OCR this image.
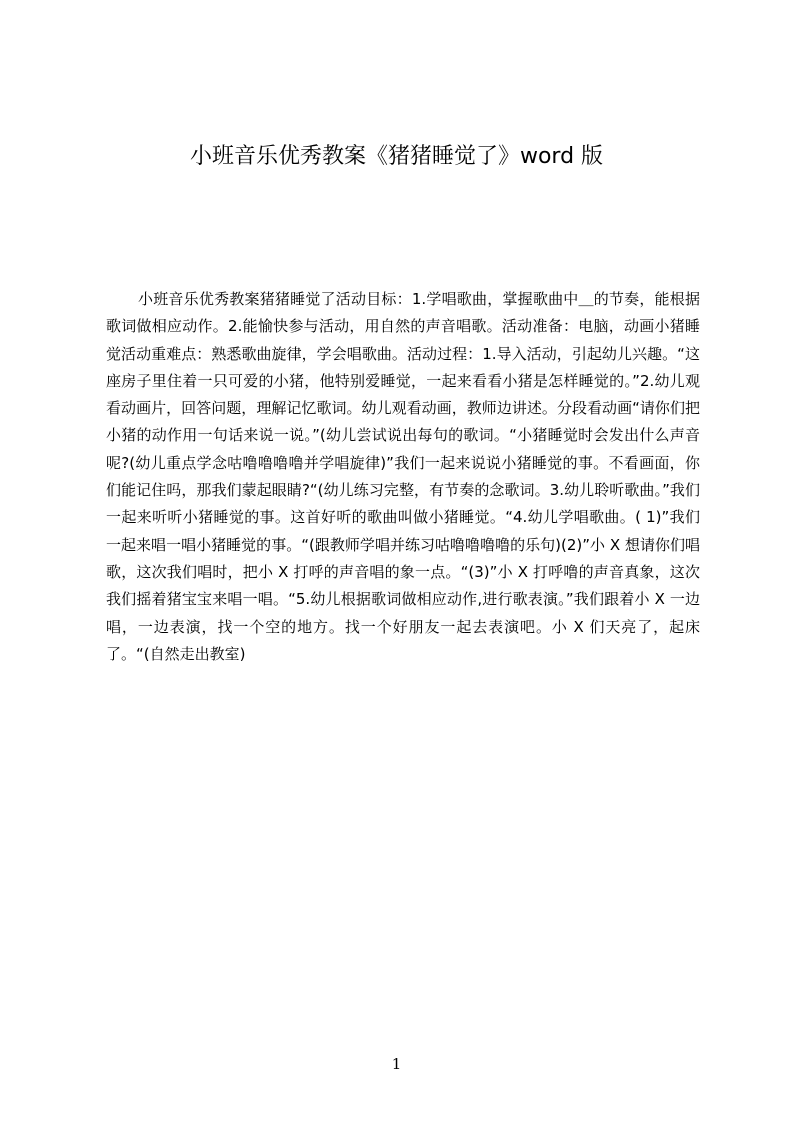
小班音乐优秀教案《猪猪睡觉了》word 版

小班音乐优秀教案猪猪睡觉了活动目标：1.学唱歌曲，掌握歌曲中＿的节奏，能根据歌词做相应动作。2.能愉快参与活动，用自然的声音唱歌。活动准备：电脑，动画小猪睡觉活动重难点：熟悉歌曲旋律，学会唱歌曲。活动过程：1.导入活动，引起幼儿兴趣。“这座房子里住着一只可爱的小猪，他特别爱睡觉，一起来看看小猪是怎样睡觉的。”2.幼儿观看动画片，回答问题，理解记忆歌词。幼儿观看动画，教师边讲述。分段看动画“请你们把小猪的动作用一句话来说一说。”(幼儿尝试说出每句的歌词。“小猪睡觉时会发出什么声音呢?(幼儿重点学念咕噜噜噜噜并学唱旋律)”我们一起来说说小猪睡觉的事。不看画面，你们能记住吗，那我们蒙起眼睛?“(幼儿练习完整，有节奏的念歌词。3.幼儿聆听歌曲。”我们一起来听听小猪睡觉的事。这首好听的歌曲叫做小猪睡觉。“4.幼儿学唱歌曲。( 1)”我们一起来唱一唱小猪睡觉的事。“(跟教师学唱并练习咕噜噜噜噜的乐句)(2)”小 X 想请你们唱歌，这次我们唱时，把小 X 打呼的声音唱的象一点。“(3)”小 X 打呼噜的声音真象，这次我们摇着猪宝宝来唱一唱。“5.幼儿根据歌词做相应动作,进行歌表演。”我们跟着小 X 一边唱，一边表演，找一个空的地方。找一个好朋友一起去表演吧。小 X 们天亮了，起床了。“(自然走出教室)

1
